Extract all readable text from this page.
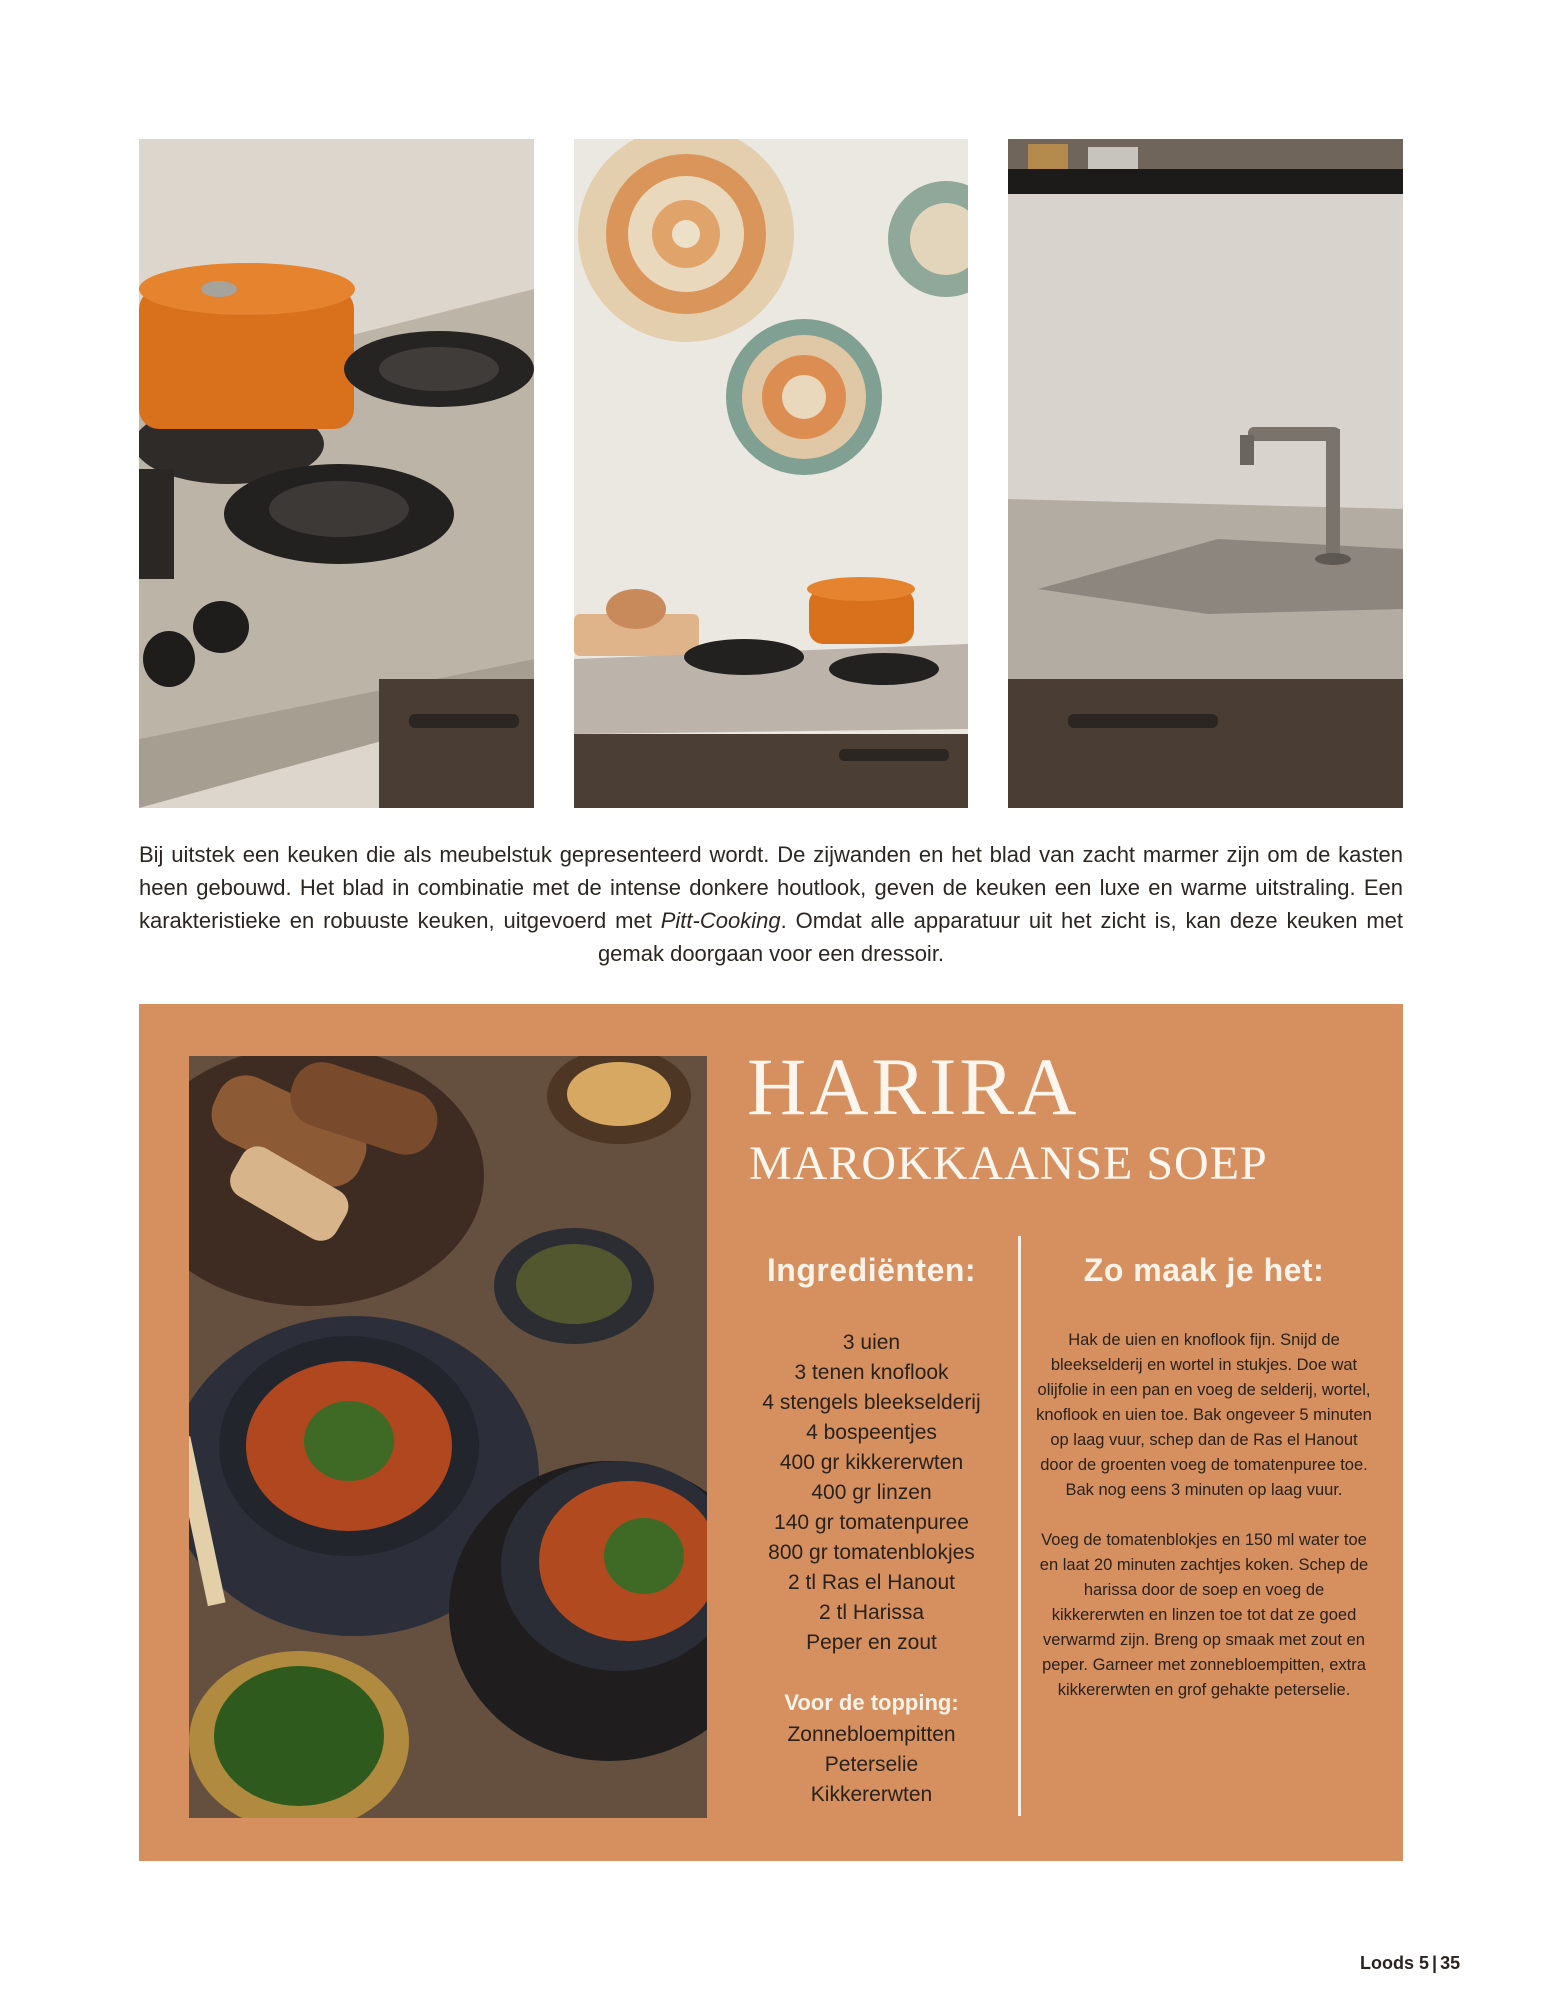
Bij uitstek een keuken die als meubelstuk gepresenteerd wordt. De zijwanden en het blad van zacht marmer zijn om de kasten heen gebouwd. Het blad in combinatie met de intense donkere houtlook, geven de keuken een luxe en warme uitstraling. Een karakteristieke en robuuste keuken, uitgevoerd met Pitt-Cooking. Omdat alle apparatuur uit het zicht is, kan deze keuken met gemak doorgaan voor een dressoir.
HARIRA
MAROKKAANSE SOEP
Ingrediënten:	Zo maak je het:
3 uien
3 tenen knoflook
4 stengels bleekselderij
4 bospeentjes
400 gr kikkererwten
400 gr linzen
140 gr tomatenpuree
800 gr tomatenblokjes
2 tl Ras el Hanout
2 tl Harissa
Peper en zout
Voor de topping:
Zonnebloempitten
Peterselie
Kikkererwten

Hak de uien en knoflook fijn. Snijd de bleekselderij en wortel in stukjes. Doe wat olijfolie in een pan en voeg de selderij, wortel, knoflook en uien toe. Bak ongeveer 5 minuten op laag vuur, schep dan de Ras el Hanout door de groenten voeg de tomatenpuree toe. Bak nog eens 3 minuten op laag vuur.

Voeg de tomatenblokjes en 150 ml water toe en laat 20 minuten zachtjes koken. Schep de harissa door de soep en voeg de kikkererwten en linzen toe tot dat ze goed verwarmd zijn. Breng op smaak met zout en peper. Garneer met zonnebloempitten, extra kikkererwten en grof gehakte peterselie.

Loods 5 | 35
